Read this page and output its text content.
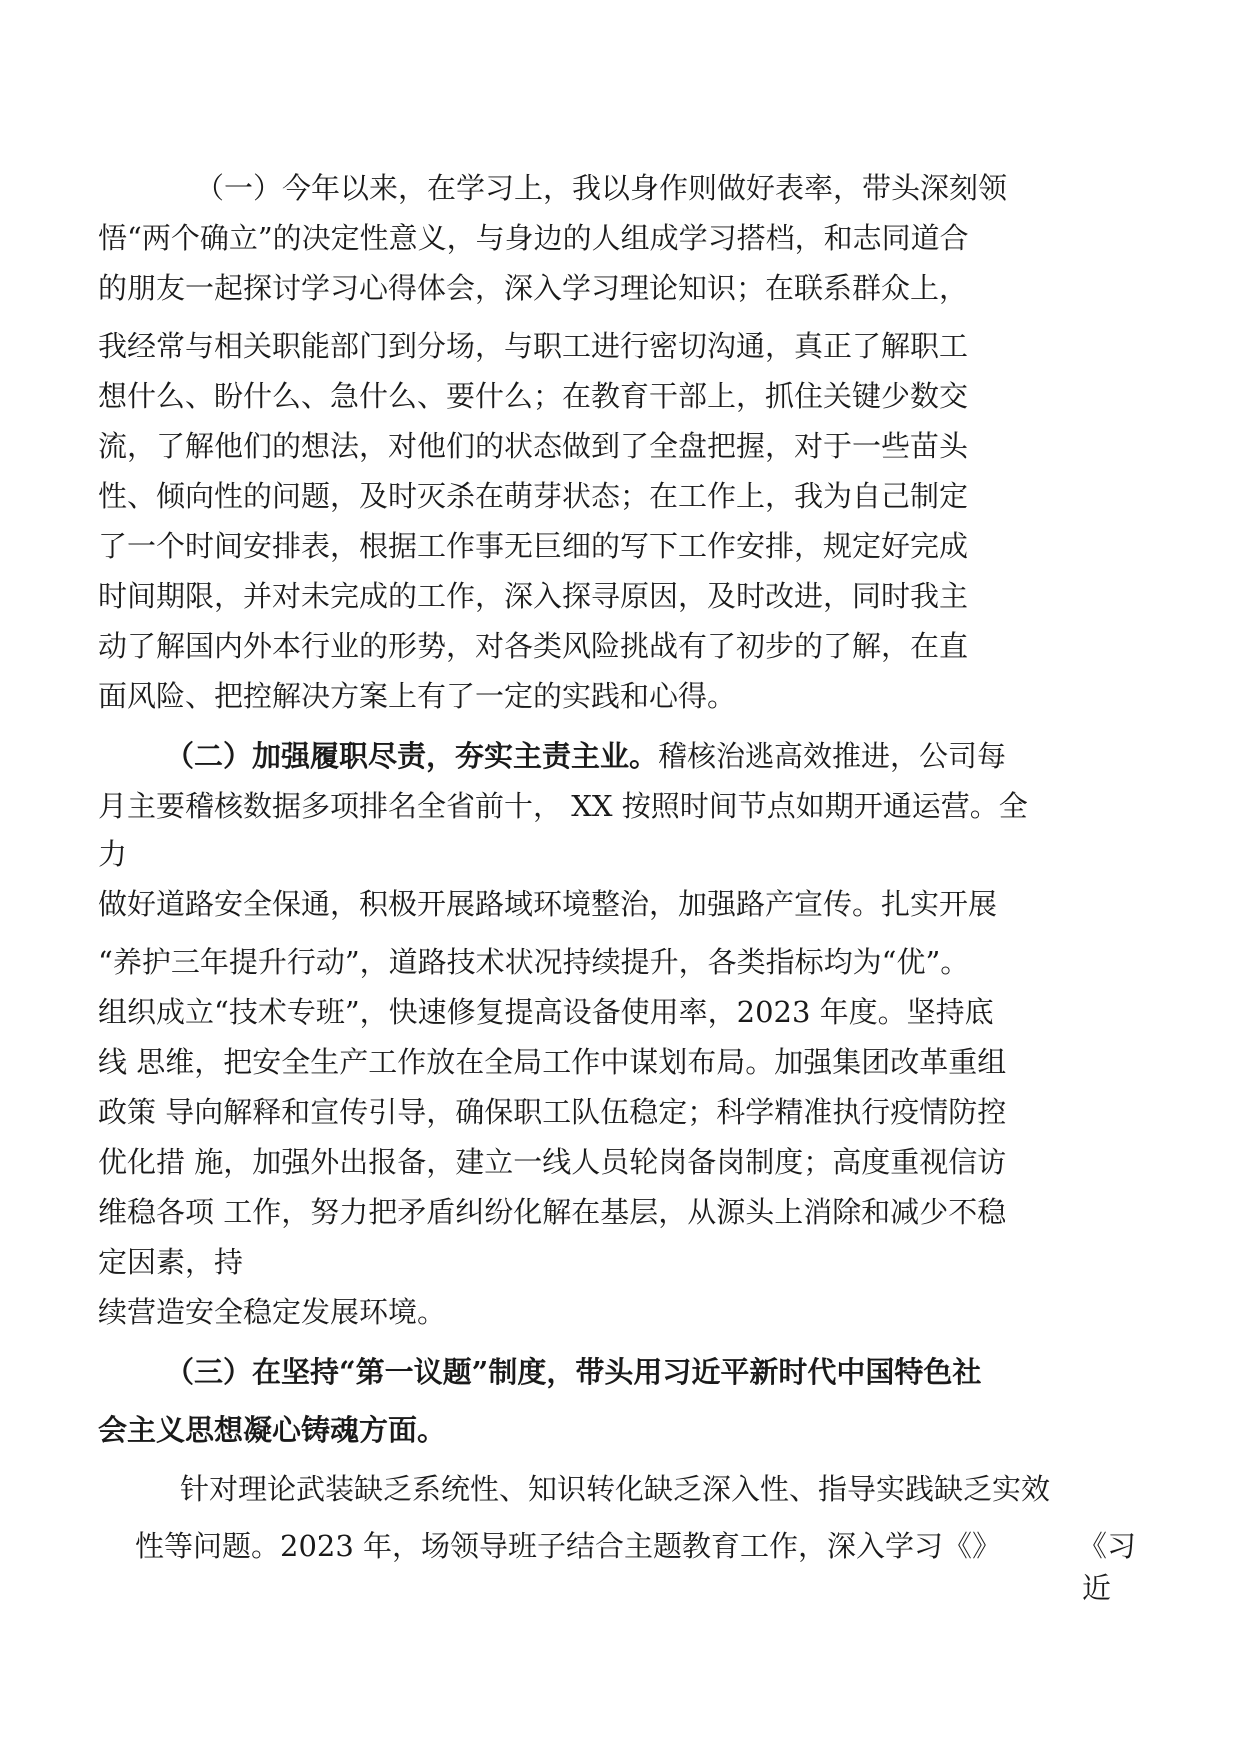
（一）今年以来，在学习上，我以身作则做好表率，带头深刻领
悟“两个确立”的决定性意义，与身边的人组成学习搭档，和志同道合
的朋友一起探讨学习心得体会，深入学习理论知识；在联系群众上，
我经常与相关职能部门到分场，与职工进行密切沟通，真正了解职工
想什么、盼什么、急什么、要什么；在教育干部上，抓住关键少数交
流，了解他们的想法，对他们的状态做到了全盘把握，对于一些苗头
性、倾向性的问题，及时灭杀在萌芽状态；在工作上，我为自己制定
了一个时间安排表，根据工作事无巨细的写下工作安排，规定好完成
时间期限，并对未完成的工作，深入探寻原因，及时改进，同时我主
动了解国内外本行业的形势，对各类风险挑战有了初步的了解，在直
面风险、把控解决方案上有了一定的实践和心得。
（二）加强履职尽责，夯实主责主业。稽核治逃高效推进，公司每
月主要稽核数据多项排名全省前十， XX 按照时间节点如期开通运营。全
力
做好道路安全保通，积极开展路域环境整治，加强路产宣传。扎实开展
“养护三年提升行动”，道路技术状况持续提升，各类指标均为“优”。
组织成立“技术专班”，快速修复提高设备使用率，2023 年度。坚持底
线 思维，把安全生产工作放在全局工作中谋划布局。加强集团改革重组
政策 导向解释和宣传引导，确保职工队伍稳定；科学精准执行疫情防控
优化措 施，加强外出报备，建立一线人员轮岗备岗制度；高度重视信访
维稳各项 工作，努力把矛盾纠纷化解在基层，从源头上消除和减少不稳
定因素，持
续营造安全稳定发展环境。
（三）在坚持“第一议题”制度，带头用习近平新时代中国特色社
会主义思想凝心铸魂方面。
针对理论武装缺乏系统性、知识转化缺乏深入性、指导实践缺乏实效
性等问题。2023 年，场领导班子结合主题教育工作，深入学习《》	《习
近
